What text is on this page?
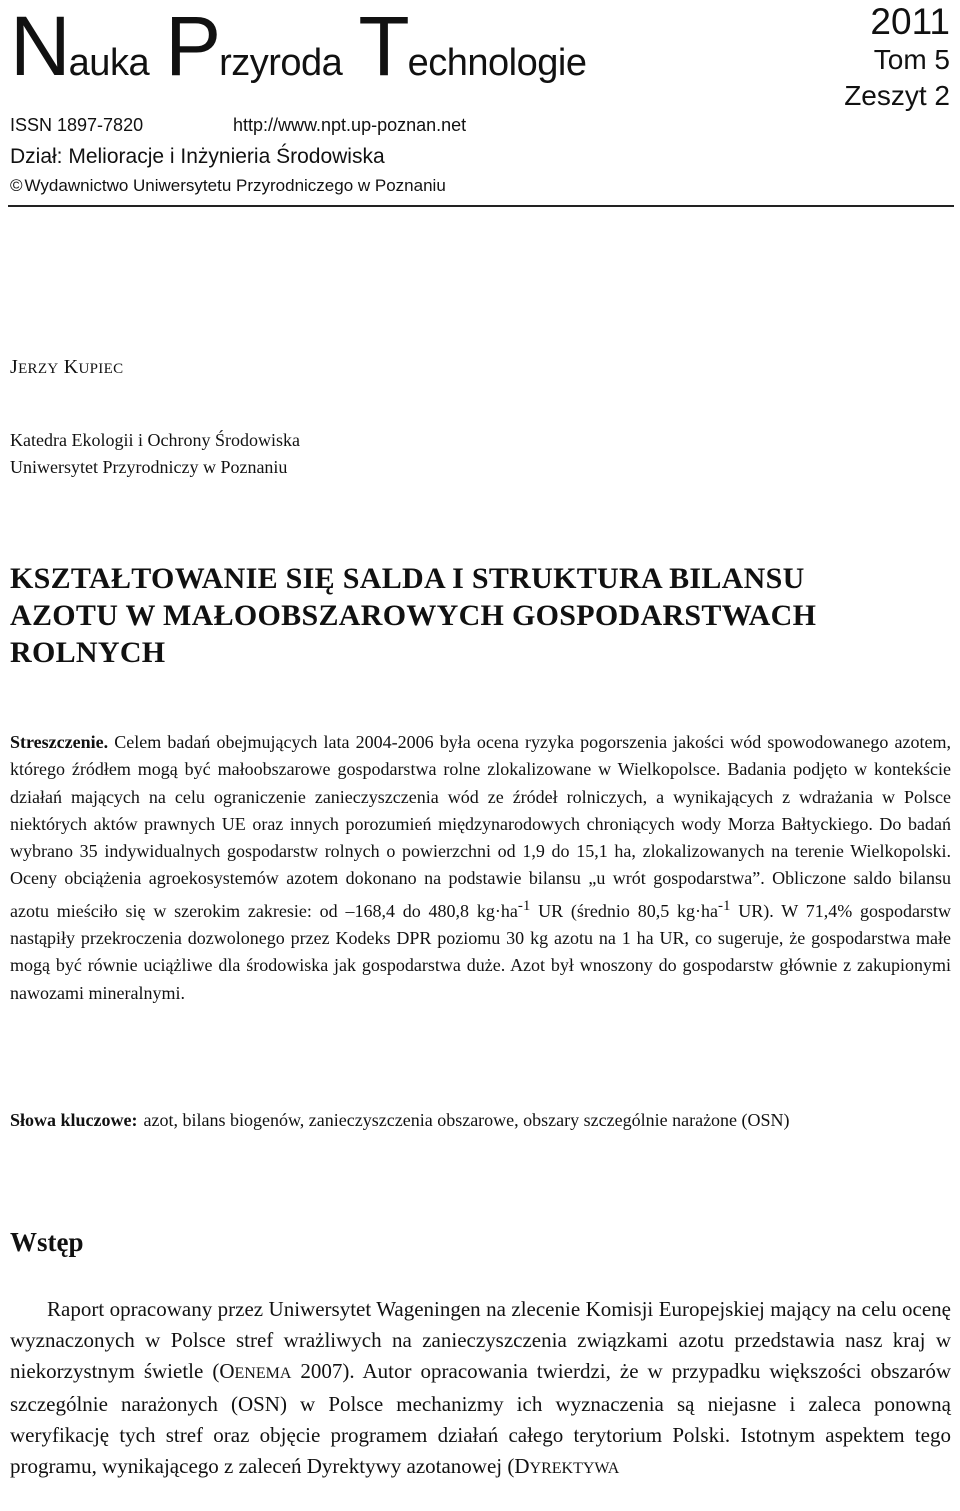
Nauka Przyroda Technologie
2011
Tom 5
Zeszyt 2
ISSN 1897-7820	http://www.npt.up-poznan.net
Dział: Melioracje i Inżynieria Środowiska
© Wydawnictwo Uniwersytetu Przyrodniczego w Poznaniu
JERZY KUPIEC
Katedra Ekologii i Ochrony Środowiska
Uniwersytet Przyrodniczy w Poznaniu
KSZTAŁTOWANIE SIĘ SALDA I STRUKTURA BILANSU AZOTU W MAŁOOBSZAROWYCH GOSPODARSTWACH ROLNYCH

Streszczenie. Celem badań obejmujących lata 2004-2006 była ocena ryzyka pogorszenia jakości wód spowodowanego azotem, którego źródłem mogą być małoobszarowe gospodarstwa rolne zlokalizowane w Wielkopolsce. Badania podjęto w kontekście działań mających na celu ograniczenie zanieczyszczenia wód ze źródeł rolniczych, a wynikających z wdrażania w Polsce niektórych aktów prawnych UE oraz innych porozumień międzynarodowych chroniących wody Morza Bałtyckiego. Do badań wybrano 35 indywidualnych gospodarstw rolnych o powierzchni od 1,9 do 15,1 ha, zlokalizowanych na terenie Wielkopolski. Oceny obciążenia agroekosystemów azotem dokonano na podstawie bilansu „u wrót gospodarstwa”. Obliczone saldo bilansu azotu mieściło się w szerokim zakresie: od –168,4 do 480,8 $kg\cdot ha^{-1}$ UR (średnio 80,5 $kg\cdot ha^{-1}$ UR). W 71,4% gospodarstw nastąpiły przekroczenia dozwolonego przez Kodeks DPR poziomu 30 kg azotu na 1 ha UR, co sugeruje, że gospodarstwa małe mogą być równie uciążliwe dla środowiska jak gospodarstwa duże. Azot był wnoszony do gospodarstw głównie z zakupionymi nawozami mineralnymi.

Słowa kluczowe: azot, bilans biogenów, zanieczyszczenia obszarowe, obszary szczególnie narażone (OSN)
Wstęp

Raport opracowany przez Uniwersytet Wageningen na zlecenie Komisji Europejskiej mający na celu ocenę wyznaczonych w Polsce stref wrażliwych na zanieczyszczenia związkami azotu przedstawia nasz kraj w niekorzystnym świetle (OENEMA 2007). Autor opracowania twierdzi, że w przypadku większości obszarów szczególnie narażonych (OSN) w Polsce mechanizmy ich wyznaczenia są niejasne i zaleca ponowną weryfikację tych stref oraz objęcie programem działań całego terytorium Polski. Istotnym aspektem tego programu, wynikającego z zaleceń Dyrektywy azotanowej (DYREKTYWA
